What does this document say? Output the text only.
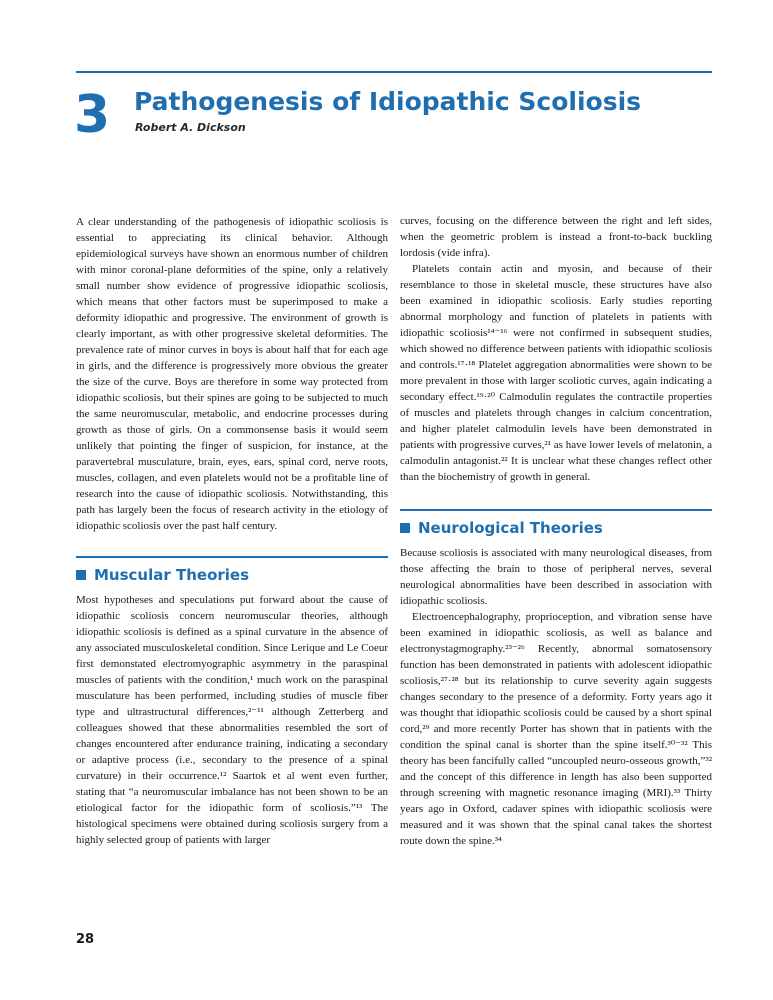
3 Pathogenesis of Idiopathic Scoliosis
Robert A. Dickson

A clear understanding of the pathogenesis of idiopathic scoliosis is essential to appreciating its clinical behavior. Although epidemiological surveys have shown an enormous number of children with minor coronal-plane deformities of the spine, only a relatively small number show evidence of progressive idiopathic scoliosis, which means that other factors must be superimposed to make a deformity idiopathic and progressive. The environment of growth is clearly important, as with other progressive skeletal deformities. The prevalence rate of minor curves in boys is about half that for each age in girls, and the difference is progressively more obvious the greater the size of the curve. Boys are therefore in some way protected from idiopathic scoliosis, but their spines are going to be subjected to much the same neuromuscular, metabolic, and endocrine processes during growth as those of girls. On a commonsense basis it would seem unlikely that pointing the finger of suspicion, for instance, at the paravertebral musculature, brain, eyes, ears, spinal cord, nerve roots, muscles, collagen, and even platelets would not be a profitable line of research into the cause of idiopathic scoliosis. Notwithstanding, this path has largely been the focus of research activity in the etiology of idiopathic scoliosis over the past half century.

Muscular Theories

Most hypotheses and speculations put forward about the cause of idiopathic scoliosis concern neuromuscular theories, although idiopathic scoliosis is defined as a spinal curvature in the absence of any associated musculoskeletal condition. Since Lerique and Le Coeur first demonstated electromyographic asymmetry in the paraspinal muscles of patients with the condition,¹ much work on the paraspinal musculature has been performed, including studies of muscle fiber type and ultrastructural differences,²⁻¹¹ although Zetterberg and colleagues showed that these abnormalities resembled the sort of changes encountered after endurance training, indicating a secondary or adaptive process (i.e., secondary to the presence of a spinal curvature) in their occurrence.¹² Saartok et al went even further, stating that “a neuromuscular imbalance has not been shown to be an etiological factor for the idiopathic form of scoliosis.”¹³ The histological specimens were obtained during scoliosis surgery from a highly selected group of patients with larger

curves, focusing on the difference between the right and left sides, when the geometric problem is instead a front-to-back buckling lordosis (vide infra).

Platelets contain actin and myosin, and because of their resemblance to those in skeletal muscle, these structures have also been examined in idiopathic scoliosis. Early studies reporting abnormal morphology and function of platelets in patients with idiopathic scoliosis¹⁴⁻¹⁶ were not confirmed in subsequent studies, which showed no difference between patients with idiopathic scoliosis and controls.¹⁷·¹⁸ Platelet aggregation abnormalities were shown to be more prevalent in those with larger scoliotic curves, again indicating a secondary effect.¹⁹·²⁰ Calmodulin regulates the contractile properties of muscles and platelets through changes in calcium concentration, and higher platelet calmodulin levels have been demonstrated in patients with progressive curves,²¹ as have lower levels of melatonin, a calmodulin antagonist.²² It is unclear what these changes reflect other than the biochemistry of growth in general.

Neurological Theories

Because scoliosis is associated with many neurological diseases, from those affecting the brain to those of peripheral nerves, several neurological abnormalities have been described in association with idiopathic scoliosis.

Electroencephalography, proprioception, and vibration sense have been examined in idiopathic scoliosis, as well as balance and electronystagmography.²³⁻²⁶ Recently, abnormal somatosensory function has been demonstrated in patients with adolescent idiopathic scoliosis,²⁷·²⁸ but its relationship to curve severity again suggests changes secondary to the presence of a deformity. Forty years ago it was thought that idiopathic scoliosis could be caused by a short spinal cord,²⁹ and more recently Porter has shown that in patients with the condition the spinal canal is shorter than the spine itself.³⁰⁻³² This theory has been fancifully called “uncoupled neuro-osseous growth,”³² and the concept of this difference in length has also been supported through screening with magnetic resonance imaging (MRI).³³ Thirty years ago in Oxford, cadaver spines with idiopathic scoliosis were measured and it was shown that the spinal canal takes the shortest route down the spine.³⁴

28
